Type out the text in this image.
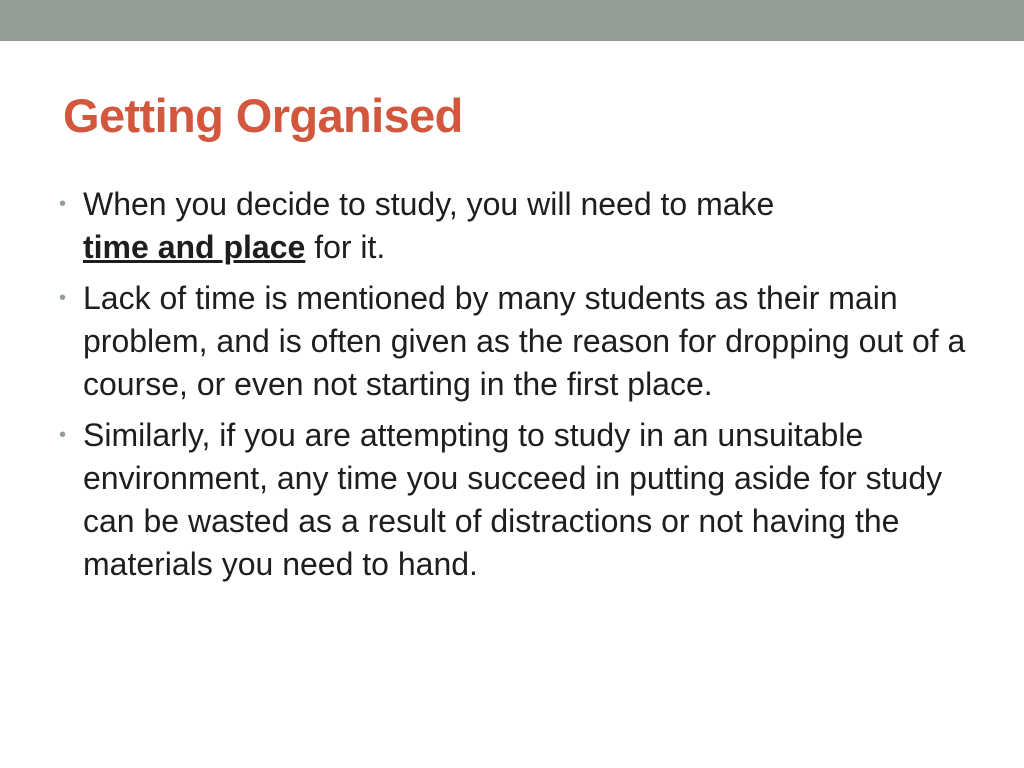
Getting Organised
• When you decide to study, you will need to make
time and place for it.
• Lack of time is mentioned by many students as their main problem, and is often given as the reason for dropping out of a course, or even not starting in the first place.
• Similarly, if you are attempting to study in an unsuitable environment, any time you succeed in putting aside for study can be wasted as a result of distractions or not having the materials you need to hand.
